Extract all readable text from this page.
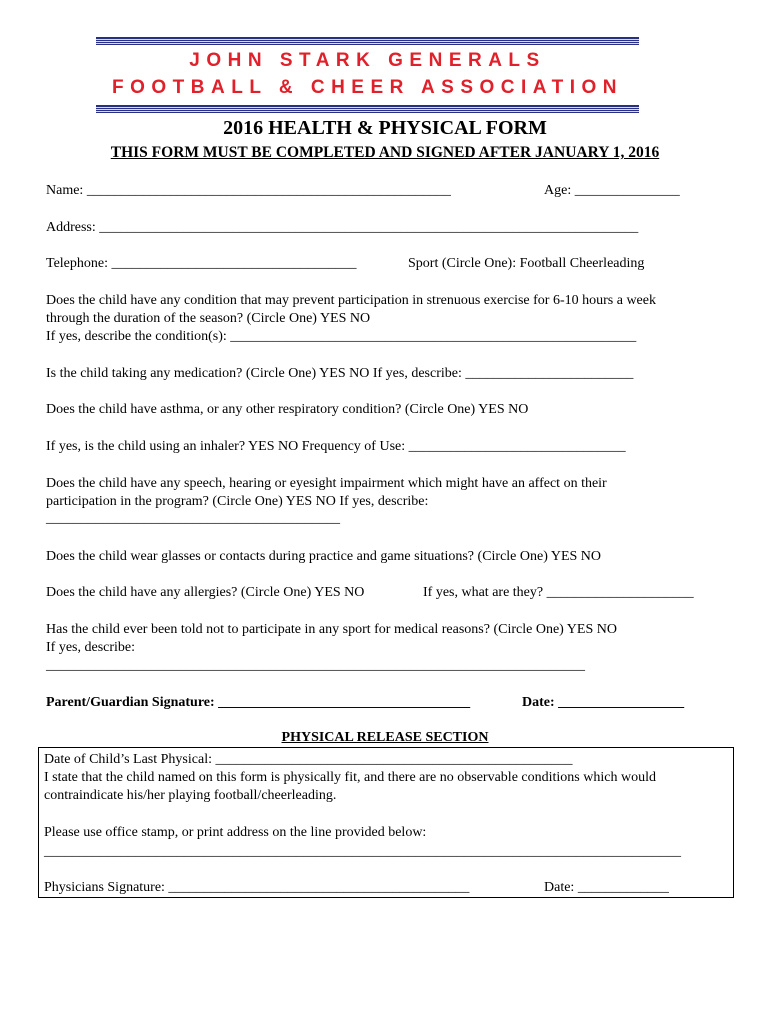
JOHN STARK GENERALS
FOOTBALL & CHEER ASSOCIATION
2016 HEALTH & PHYSICAL FORM
THIS FORM MUST BE COMPLETED AND SIGNED AFTER JANUARY 1, 2016
Name: ____________________________________________________	Age: _______________
Address: _____________________________________________________________________________
Telephone: ___________________________________	Sport (Circle One): Football Cheerleading
Does the child have any condition that may prevent participation in strenuous exercise for 6-10 hours a week
through the duration of the season? (Circle One) YES NO
If yes, describe the condition(s): __________________________________________________________
Is the child taking any medication? (Circle One) YES NO If yes, describe: ________________________
Does the child have asthma, or any other respiratory condition? (Circle One) YES NO
If yes, is the child using an inhaler? YES NO Frequency of Use: _______________________________
Does the child have any speech, hearing or eyesight impairment which might have an affect on their
participation in the program? (Circle One) YES NO If yes, describe:
__________________________________________
Does the child wear glasses or contacts during practice and game situations? (Circle One) YES NO
Does the child have any allergies? (Circle One) YES NO	If yes, what are they? _____________________
Has the child ever been told not to participate in any sport for medical reasons? (Circle One) YES NO
If yes, describe:
_____________________________________________________________________________
Parent/Guardian Signature: ____________________________________	Date: __________________
PHYSICAL RELEASE SECTION
Date of Child’s Last Physical: ___________________________________________________
I state that the child named on this form is physically fit, and there are no observable conditions which would
contraindicate his/her playing football/cheerleading.
Please use office stamp, or print address on the line provided below:
___________________________________________________________________________________________
Physicians Signature: ___________________________________________	Date: _____________
